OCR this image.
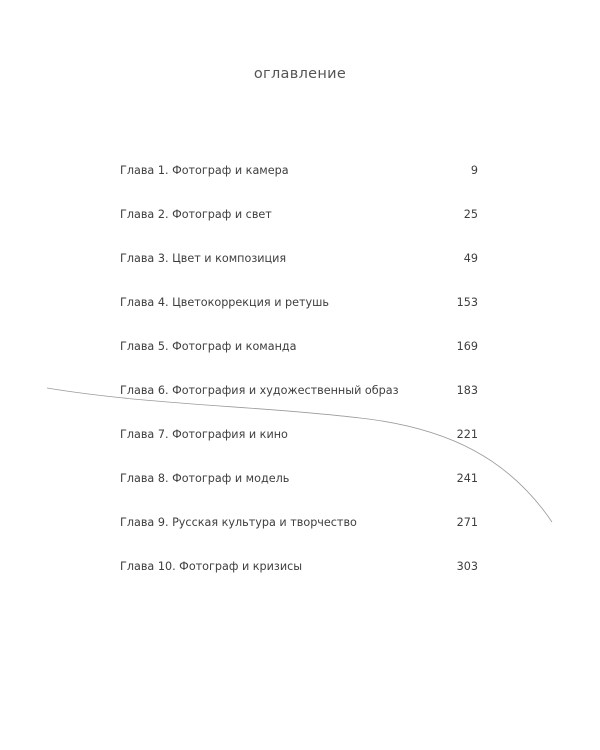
оглавление
Глава 1. Фотограф и камера	9
Глава 2. Фотограф и свет	25
Глава 3. Цвет и композиция	49
Глава 4. Цветокоррекция и ретушь	153
Глава 5. Фотограф и команда	169
Глава 6. Фотография и художественный образ	183
Глава 7. Фотография и кино	221
Глава 8. Фотограф и модель	241
Глава 9. Русская культура и творчество	271
Глава 10. Фотограф и кризисы	303
